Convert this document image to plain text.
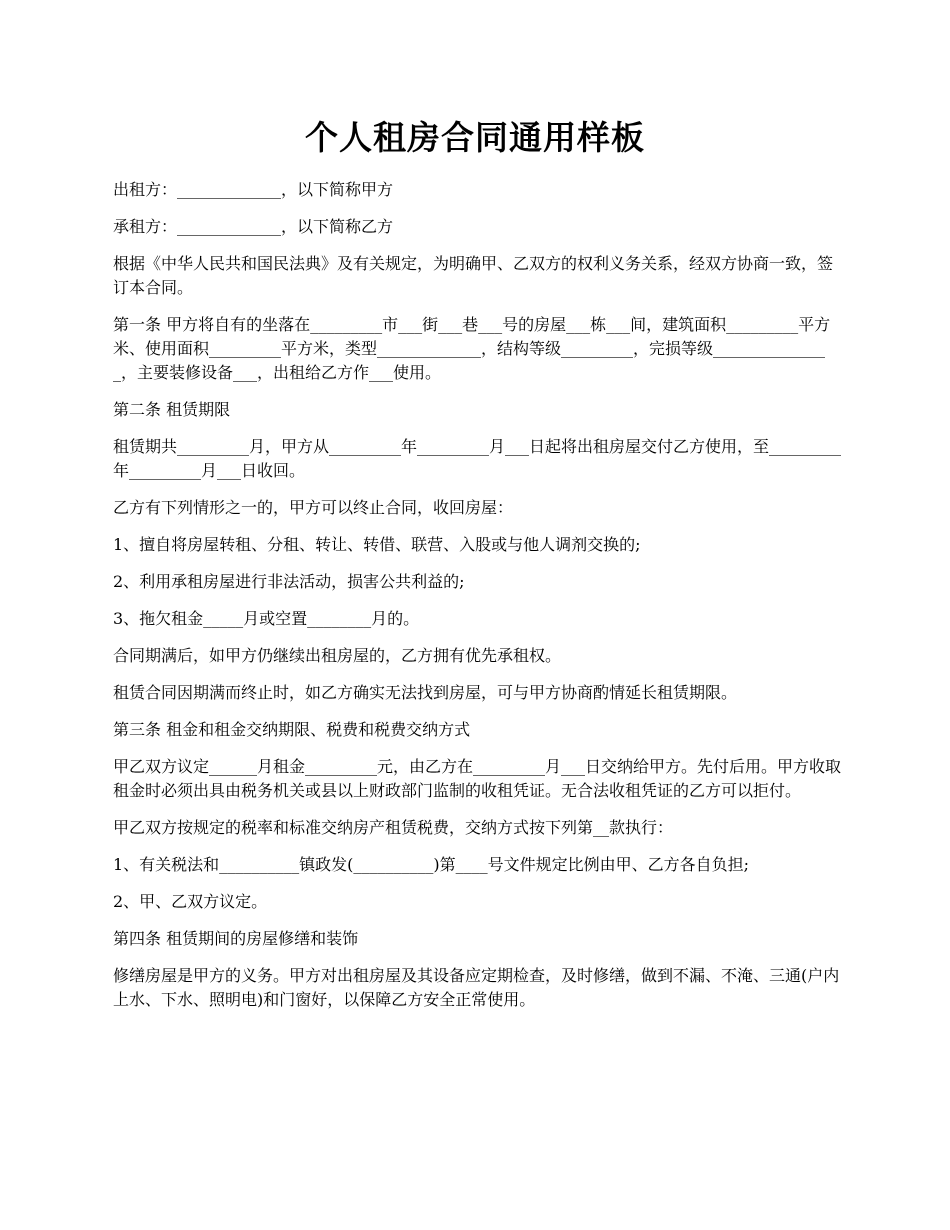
个人租房合同通用样板

出租方：_____________，以下简称甲方

承租方：_____________，以下简称乙方

根据《中华人民共和国民法典》及有关规定，为明确甲、乙双方的权利义务关系，经双方协商一致，签订本合同。

第一条 甲方将自有的坐落在_________市___街___巷___号的房屋___栋___间，建筑面积_________平方米、使用面积_________平方米，类型_____________，结构等级_________，完损等级_______________，主要装修设备___，出租给乙方作___使用。

第二条 租赁期限

租赁期共_________月，甲方从_________年_________月___日起将出租房屋交付乙方使用，至_________年_________月___日收回。

乙方有下列情形之一的，甲方可以终止合同，收回房屋：

1、擅自将房屋转租、分租、转让、转借、联营、入股或与他人调剂交换的;

2、利用承租房屋进行非法活动，损害公共利益的;

3、拖欠租金_____月或空置________月的。

合同期满后，如甲方仍继续出租房屋的，乙方拥有优先承租权。

租赁合同因期满而终止时，如乙方确实无法找到房屋，可与甲方协商酌情延长租赁期限。

第三条 租金和租金交纳期限、税费和税费交纳方式

甲乙双方议定______月租金_________元，由乙方在_________月___日交纳给甲方。先付后用。甲方收取租金时必须出具由税务机关或县以上财政部门监制的收租凭证。无合法收租凭证的乙方可以拒付。

甲乙双方按规定的税率和标准交纳房产租赁税费，交纳方式按下列第__款执行：

1、有关税法和__________镇政发(__________)第____号文件规定比例由甲、乙方各自负担;

2、甲、乙双方议定。

第四条 租赁期间的房屋修缮和装饰

修缮房屋是甲方的义务。甲方对出租房屋及其设备应定期检查，及时修缮，做到不漏、不淹、三通(户内上水、下水、照明电)和门窗好，以保障乙方安全正常使用。
